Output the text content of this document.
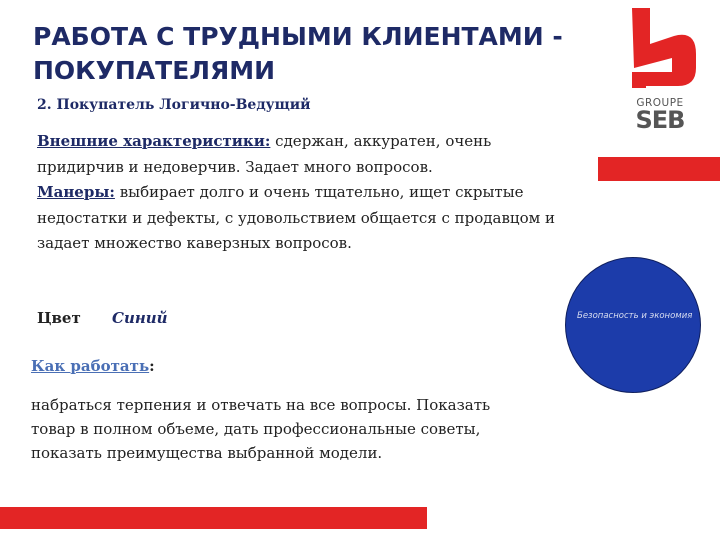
РАБОТА С ТРУДНЫМИ КЛИЕНТАМИ - ПОКУПАТЕЛЯМИ
GROUPE
SEB
2. Покупатель Логично-Ведущий
Внешние характеристики: сдержан, аккуратен, очень придирчив и недоверчив. Задает много вопросов.
Манеры: выбирает долго и очень тщательно, ищет скрытые недостатки и дефекты, с удовольствием общается с продавцом и задает множество каверзных вопросов.
Цвет Синий	Безопасность и экономия
Как работать:
набраться терпения и отвечать на все вопросы. Показать товар в полном объеме, дать профессиональные советы, показать преимущества выбранной модели.
